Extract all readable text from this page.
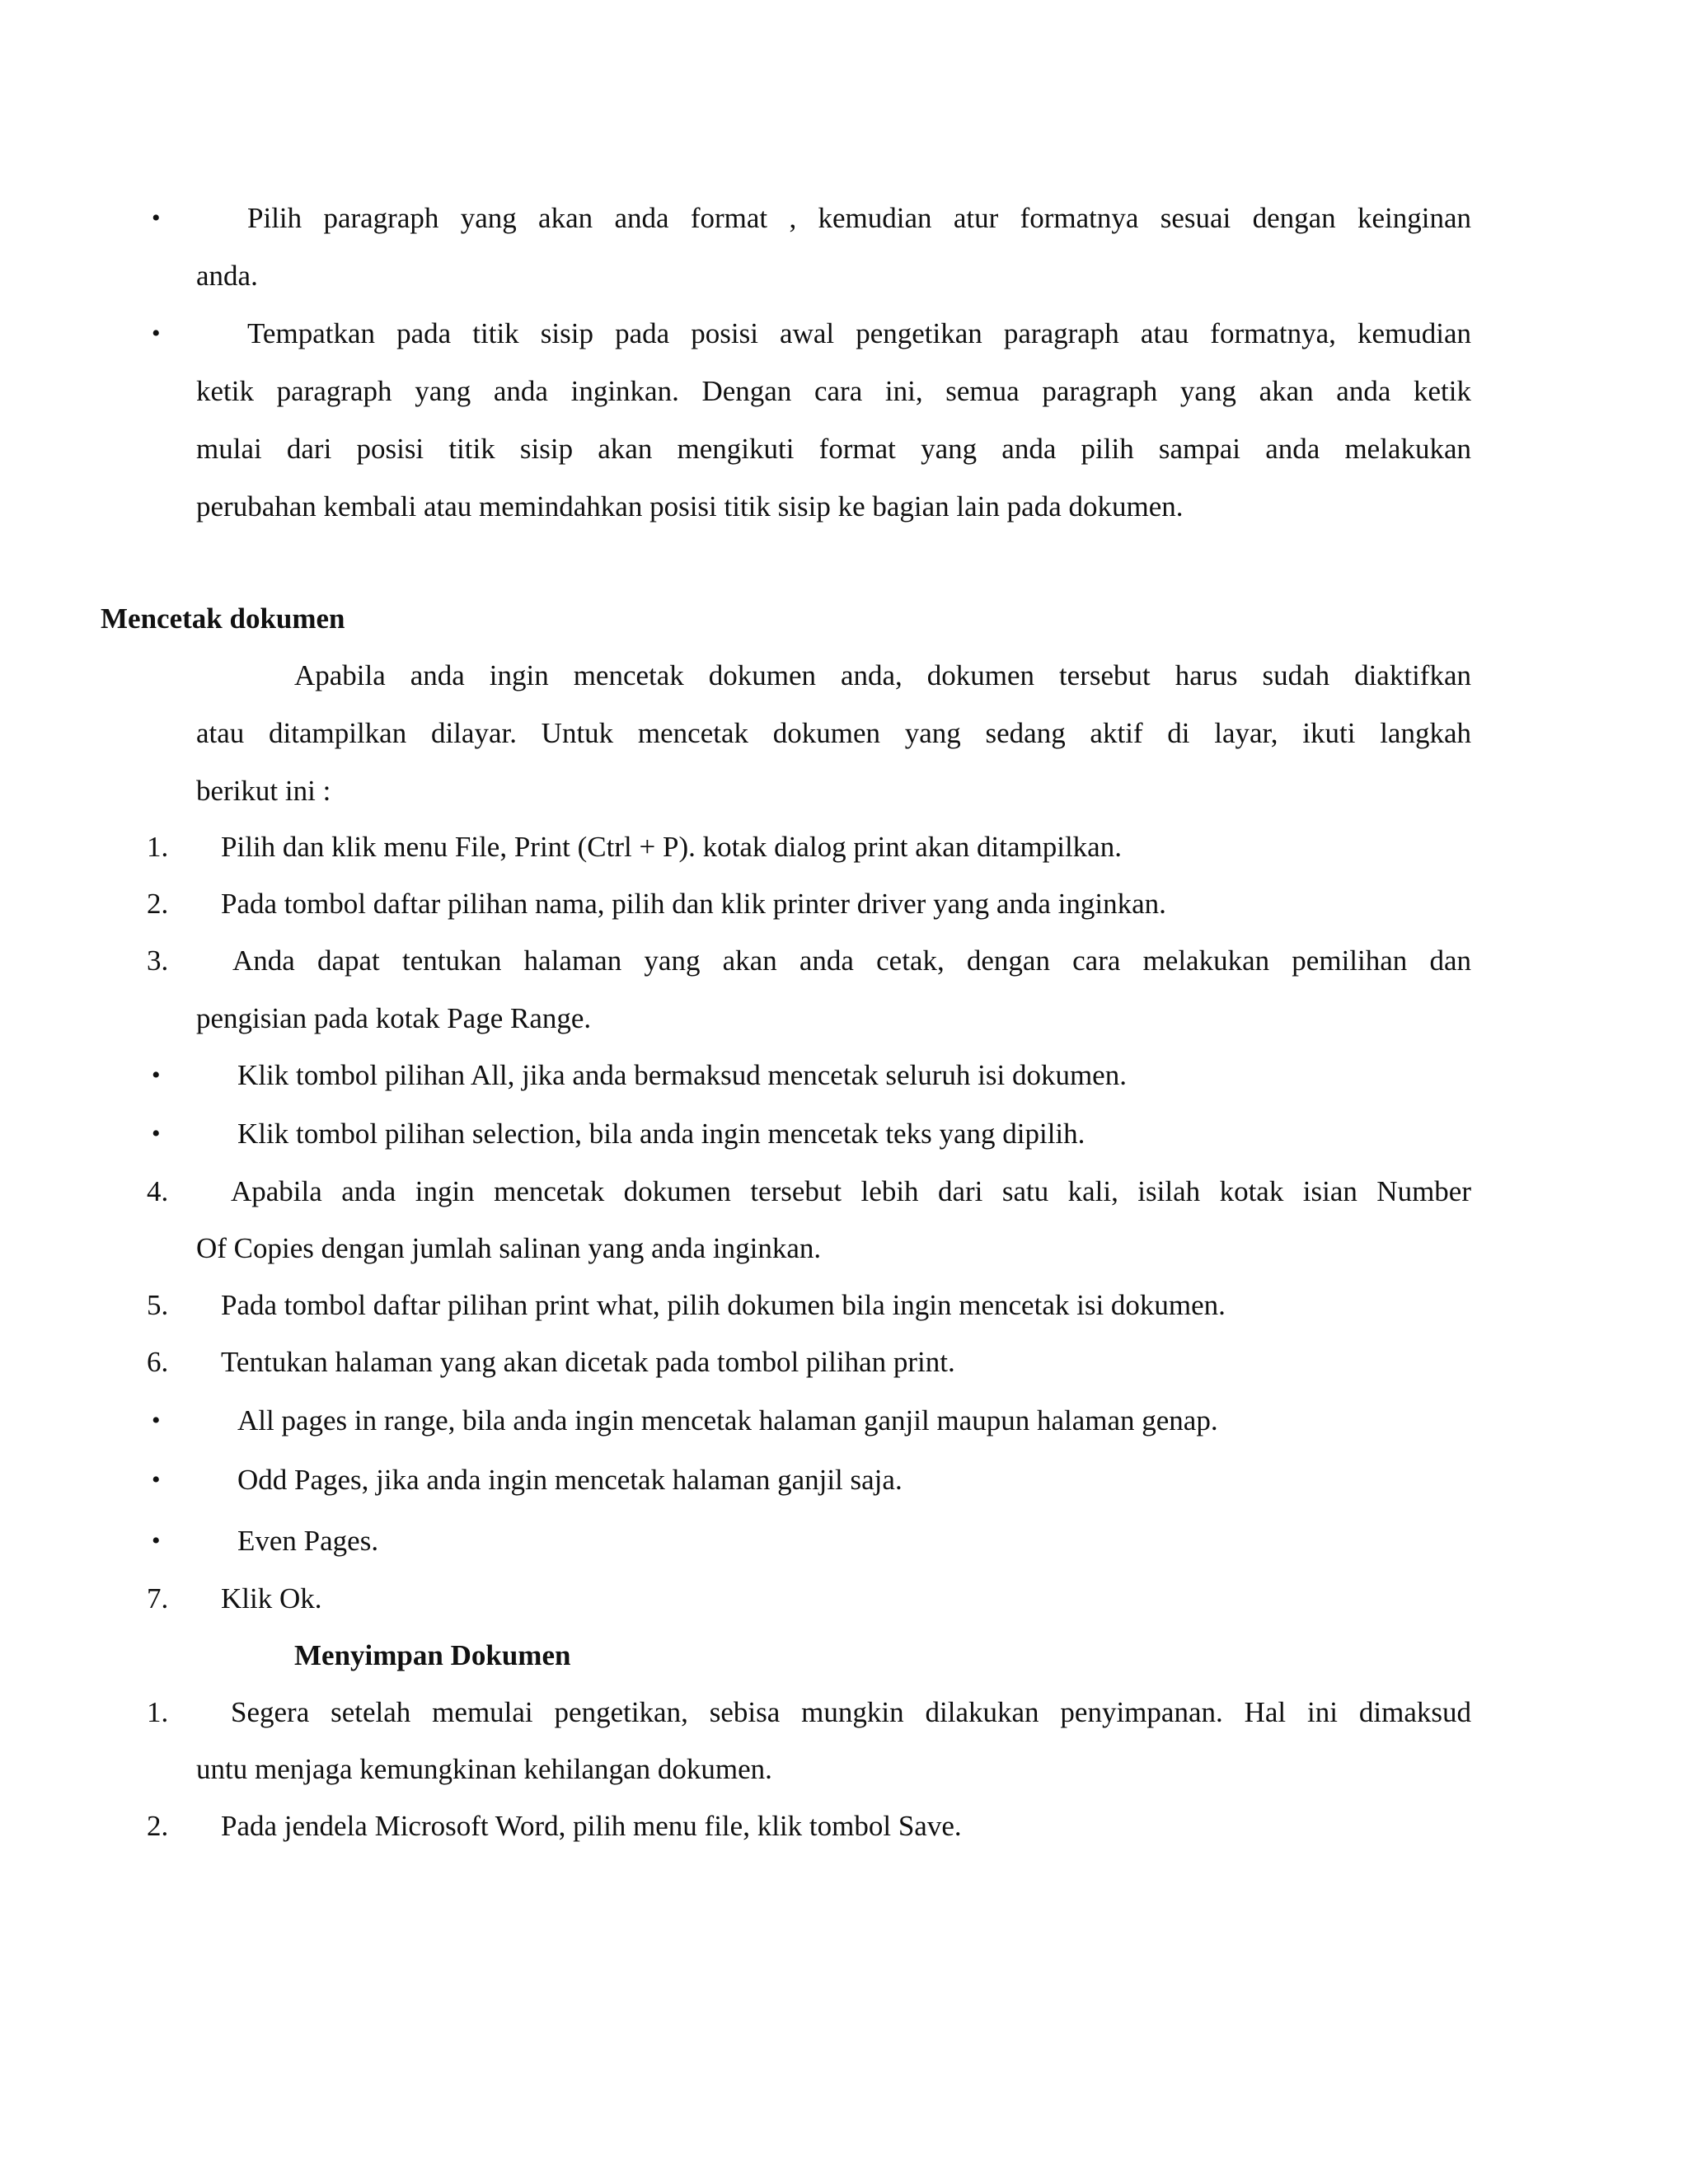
•	Pilih paragraph yang akan anda format , kemudian atur formatnya sesuai dengan keinginan
anda.
•	Tempatkan pada titik sisip pada posisi awal pengetikan paragraph atau formatnya, kemudian
ketik paragraph yang anda inginkan. Dengan cara ini, semua paragraph yang akan anda ketik
mulai dari posisi titik sisip akan mengikuti format yang anda pilih sampai anda melakukan
perubahan kembali atau memindahkan posisi titik sisip ke bagian lain pada dokumen.
Mencetak dokumen
Apabila anda ingin mencetak dokumen anda, dokumen tersebut harus sudah diaktifkan
atau ditampilkan dilayar. Untuk mencetak dokumen yang sedang aktif di layar, ikuti langkah
berikut ini :
1. Pilih dan klik menu File, Print (Ctrl + P). kotak dialog print akan ditampilkan.
2. Pada tombol daftar pilihan nama, pilih dan klik printer driver yang anda inginkan.
3. Anda dapat tentukan halaman yang akan anda cetak, dengan cara melakukan pemilihan dan
pengisian pada kotak Page Range.
•	Klik tombol pilihan All, jika anda bermaksud mencetak seluruh isi dokumen.
•	Klik tombol pilihan selection, bila anda ingin mencetak teks yang dipilih.
4. Apabila anda ingin mencetak dokumen tersebut lebih dari satu kali, isilah kotak isian Number
Of Copies dengan jumlah salinan yang anda inginkan.
5. Pada tombol daftar pilihan print what, pilih dokumen bila ingin mencetak isi dokumen.
6. Tentukan halaman yang akan dicetak pada tombol pilihan print.
•	All pages in range, bila anda ingin mencetak halaman ganjil maupun halaman genap.
•	Odd Pages, jika anda ingin mencetak halaman ganjil saja.
•	Even Pages.
7. Klik Ok.
Menyimpan Dokumen
1. Segera setelah memulai pengetikan, sebisa mungkin dilakukan penyimpanan. Hal ini dimaksud
untu menjaga kemungkinan kehilangan dokumen.
2. Pada jendela Microsoft Word, pilih menu file, klik tombol Save.
